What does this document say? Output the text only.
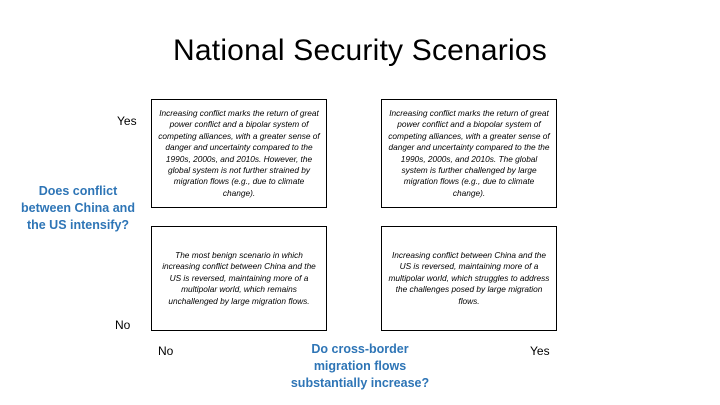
National Security Scenarios
Yes
No
Does conflict
between China and
the US intensify?
Increasing conflict marks the return of great power conflict and a bipolar system of competing alliances, with a greater sense of danger and uncertainty compared to the 1990s, 2000s, and 2010s. However, the global system is not further strained by migration flows (e.g., due to climate change).
Increasing conflict marks the return of great power conflict and a biopolar system of competing alliances, with a greater sense of danger and uncertainty compared to the the 1990s, 2000s, and 2010s. The global system is further challenged by large migration flows (e.g., due to climate change).
The most benign scenario in which increasing conflict between China and the US is reversed, maintaining more of a multipolar world, which remains unchallenged by large migration flows.
Increasing conflict between China and the US is reversed, maintaining more of a multipolar world, which struggles to address the challenges posed by large migration flows.
No	Yes
Do cross-border
migration flows
substantially increase?
